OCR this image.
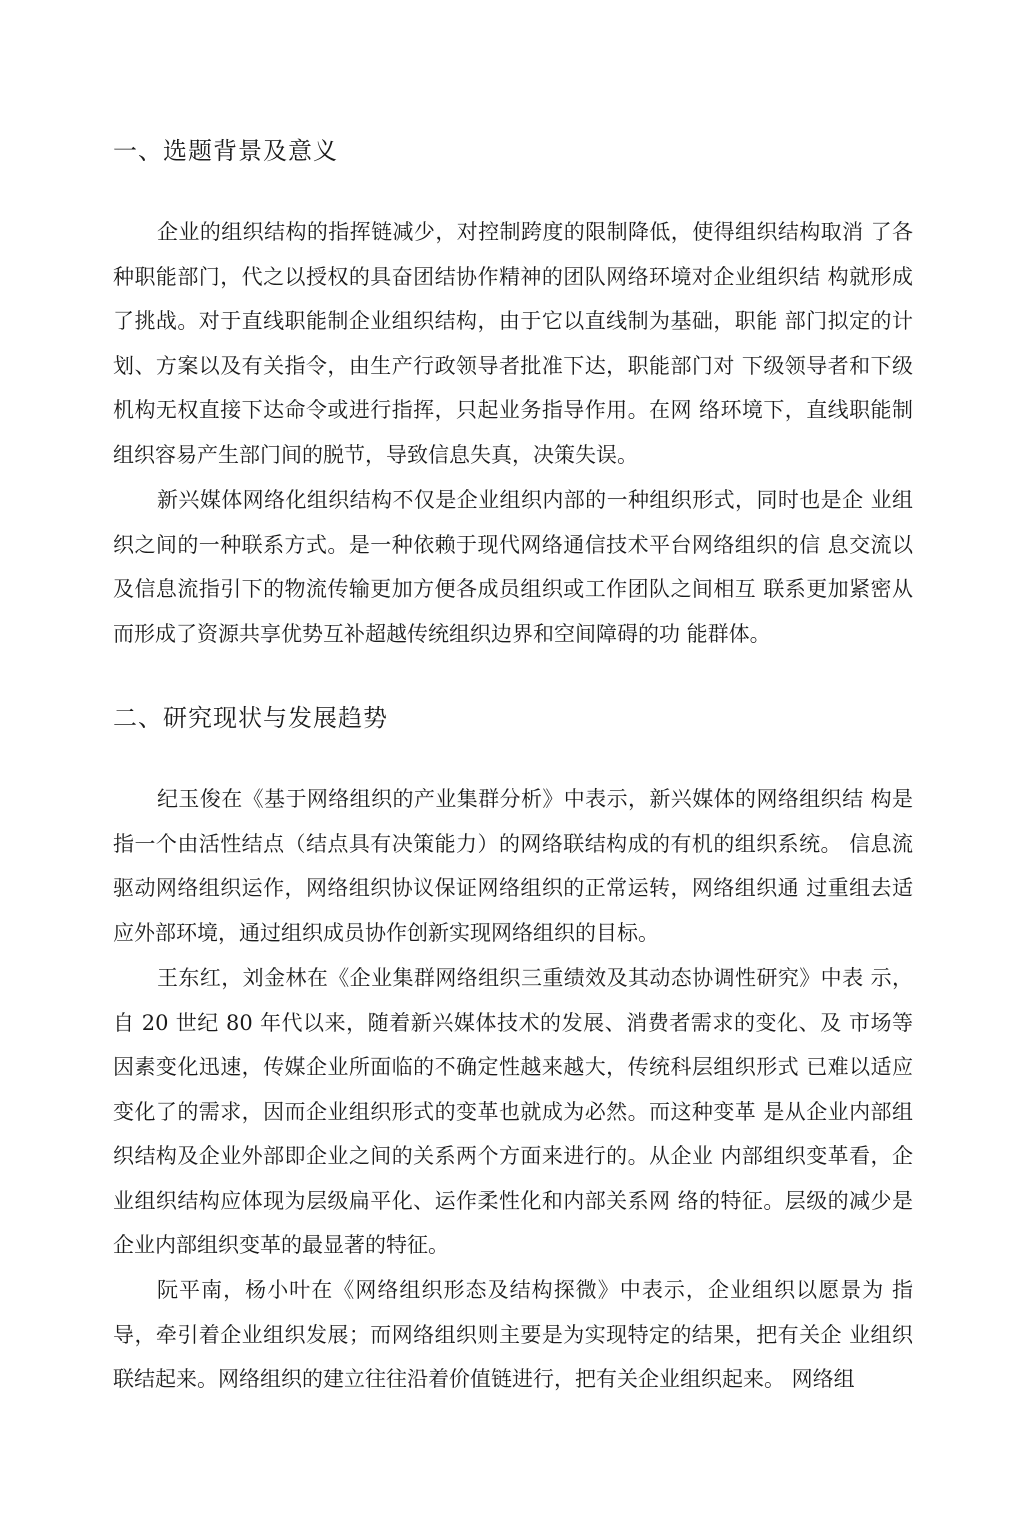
一、选题背景及意义

企业的组织结构的指挥链减少，对控制跨度的限制降低，使得组织结构取消 了各种职能部门，代之以授权的具奋团结协作精神的团队网络环境对企业组织结 构就形成了挑战。对于直线职能制企业组织结构，由于它以直线制为基础，职能 部门拟定的计划、方案以及有关指令，由生产行政领导者批准下达，职能部门对 下级领导者和下级机构无权直接下达命令或进行指挥，只起业务指导作用。在网 络环境下，直线职能制组织容易产生部门间的脱节，导致信息失真，决策失误。

新兴媒体网络化组织结构不仅是企业组织内部的一种组织形式，同时也是企 业组织之间的一种联系方式。是一种依赖于现代网络通信技术平台网络组织的信 息交流以及信息流指引下的物流传输更加方便各成员组织或工作团队之间相互 联系更加紧密从而形成了资源共享优势互补超越传统组织边界和空间障碍的功 能群体。

二、研究现状与发展趋势

纪玉俊在《基于网络组织的产业集群分析》中表示，新兴媒体的网络组织结 构是指一个由活性结点（结点具有决策能力）的网络联结构成的有机的组织系统。 信息流驱动网络组织运作，网络组织协议保证网络组织的正常运转，网络组织通 过重组去适应外部环境，通过组织成员协作创新实现网络组织的目标。

王东红，刘金林在《企业集群网络组织三重绩效及其动态协调性研究》中表 示，自 20 世纪 80 年代以来，随着新兴媒体技术的发展、消费者需求的变化、及 市场等因素变化迅速，传媒企业所面临的不确定性越来越大，传统科层组织形式 已难以适应变化了的需求，因而企业组织形式的变革也就成为必然。而这种变革 是从企业内部组织结构及企业外部即企业之间的关系两个方面来进行的。从企业 内部组织变革看，企业组织结构应体现为层级扁平化、运作柔性化和内部关系网 络的特征。层级的减少是企业内部组织变革的最显著的特征。

阮平南，杨小叶在《网络组织形态及结构探微》中表示，企业组织以愿景为 指导，牵引着企业组织发展；而网络组织则主要是为实现特定的结果，把有关企 业组织联结起来。网络组织的建立往往沿着价值链进行，把有关企业组织起来。 网络组
